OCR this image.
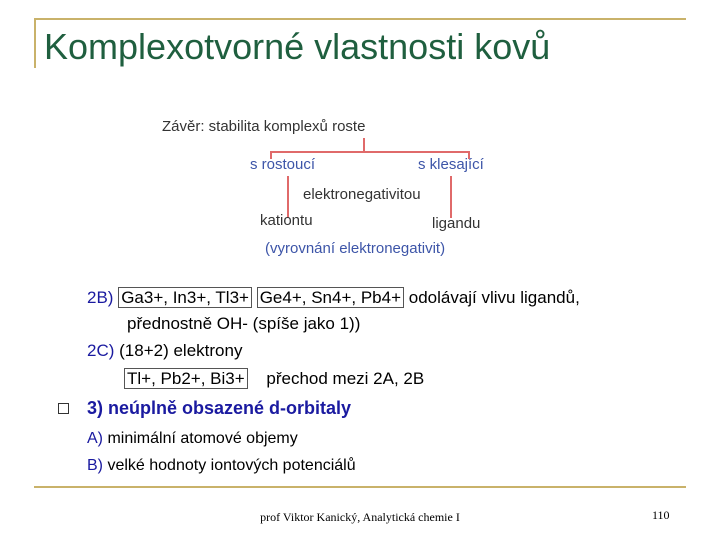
Komplexotvorné vlastnosti kovů
Závěr: stabilita komplexů roste
s rostoucí	s klesající
elektronegativitou
kationtu	ligandu
(vyrovnání elektronegativit)
2B) Ga3+, In3+, Tl3+ Ge4+, Sn4+, Pb4+ odolávají vlivu ligandů,
přednostně OH- (spíše jako 1))
2C) (18+2) elektrony
Tl+, Pb2+, Bi3+ přechod mezi 2A, 2B
3) neúplně obsazené d-orbitaly
A) minimální atomové objemy
B) velké hodnoty iontových potenciálů
prof Viktor Kanický, Analytická chemie I	110
